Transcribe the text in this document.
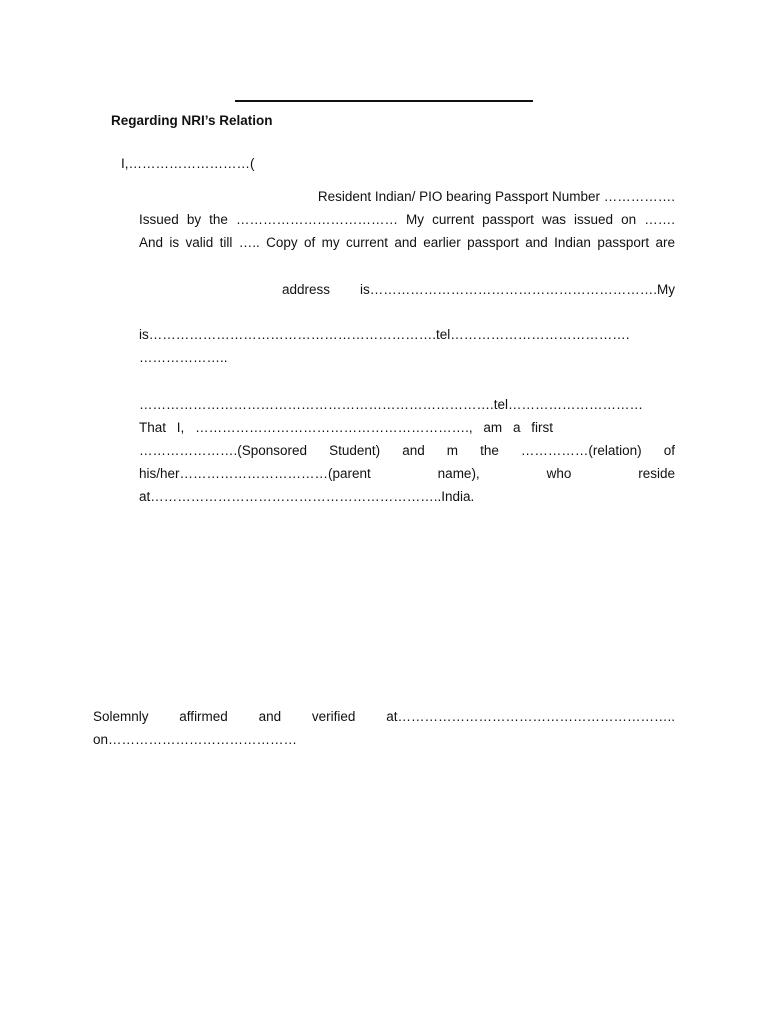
Regarding NRI’s Relation
I,………………………(
Resident Indian/ PIO bearing Passport Number …………….
Issued by the ……………………………… My current passport was issued on …….
And is valid till ….. Copy of my current and earlier passport and Indian passport are
address is……………………………………………………….My
is……………………………………………………….tel………………………………….
………………..
…………………………………………………………………….tel…………………………
That I, ……………………………………………………., am a first
………………….(Sponsored Student) and m the ……………(relation) of
his/her……………………………(parent	name),	who	reside
at………………………………………………………..India.
Solemnly affirmed and verified at……………………………………………………..
on……………………………………
